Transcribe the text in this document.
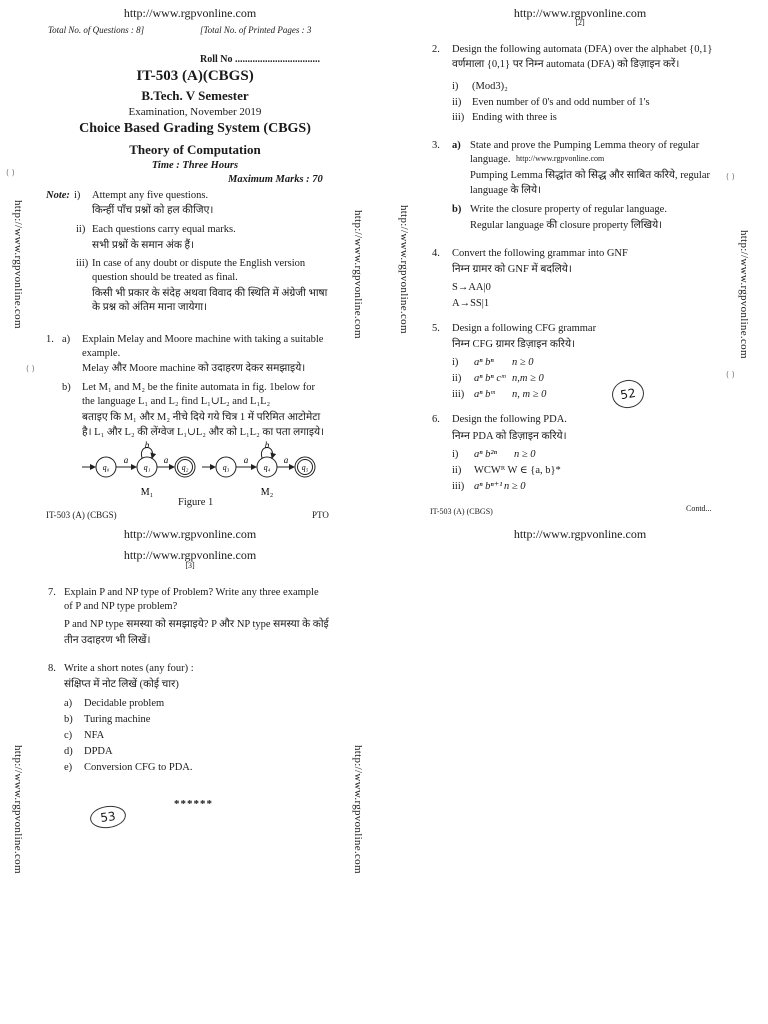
http://www.rgpvonline.com
Total No. of Questions : 8]	[Total No. of Printed Pages : 3
Roll No ..................................
IT-503 (A)(CBGS)
B.Tech. V Semester
Examination, November 2019
Choice Based Grading System (CBGS)
Theory of Computation
Time : Three Hours
Maximum Marks : 70
Note: i) Attempt any five questions.
किन्हीं पाँच प्रश्नों को हल कीजिए।
ii) Each questions carry equal marks.
सभी प्रश्नों के समान अंक हैं।
iii) In case of any doubt or dispute the English version
question should be treated as final.
किसी भी प्रकार के संदेह अथवा विवाद की स्थिति में अंग्रेजी भाषा
के प्रश्न को अंतिम माना जायेगा।
1. a) Explain Melay and Moore machine with taking a suitable
example.
Melay और Moore machine को उदाहरण देकर समझाइये।
b) Let M₁ and M₂ be the finite automata in fig. 1below for
the language L₁ and L₂ find L₁∪L₂ and L₁L₂
बताइए कि M₁ और M₂ नीचे दिये गये चित्र 1 में परिमित आटोमेटा
है। L₁ और L₂ की लेंग्वेज L₁∪L₂ और को L₁L₂ का पता लगाइये।
q₀	q₁	q₂	q₃	q₄	q₅
a	a
b
a	a
b
M₁	M₂
Figure 1
IT-503 (A) (CBGS)	PTO
http://www.rgpvonline.com
http://www.rgpvonline.com
[2]
2. Design the following automata (DFA) over the alphabet {0,1}
वर्णमाला {0,1} पर निम्न automata (DFA) को डिज़ाइन करें।
i) (Mod3)₂
ii) Even number of 0's and odd number of 1's
iii) Ending with three is
3. a) State and prove the Pumping Lemma theory of regular
language. http://www.rgpvonline.com
Pumping Lemma सिद्धांत को सिद्ध और साबित करिये, regular
language के लिये।
b) Write the closure property of regular language.
Regular language की closure property लिखिये।
4. Convert the following grammar into GNF
निम्न ग्रामर को GNF में बदलिये।
S→AA|0
A→SS|1
5. Design a following CFG grammar
निम्न CFG ग्रामर डिज़ाइन करिये।
i) aⁿ bⁿ n ≥ 0
ii) aⁿ bⁿ cᵐ n,m ≥ 0
iii) aⁿ bᵐ n, m ≥ 0
6. Design the following PDA.
निम्न PDA को डिज़ाइन करिये।
i) aⁿ b²ⁿ n ≥ 0
ii) WCWᴿ W ∈ {a, b}*
iii) aⁿ bⁿ⁺¹ n ≥ 0
IT-503 (A) (CBGS)	Contd...
http://www.rgpvonline.com
http://www.rgpvonline.com
[3]
7. Explain P and NP type of Problem? Write any three example
of P and NP type problem?
P and NP type समस्या को समझाइये? P और NP type समस्या के कोई
तीन उदाहरण भी लिखें।
8. Write a short notes (any four) :
संक्षिप्त में नोट लिखें (कोई चार)
a) Decidable problem
b) Turing machine
c) NFA
d) DPDA
e) Conversion CFG to PDA.
******
http://www.rgpvonline.com
http://www.rgpvonline.com
http://www.rgpvonline.com
http://www.rgpvonline.com
http://www.rgpvonline.com	http://www.rgpvonline.com
53
52
( )
( )
( )
( )
